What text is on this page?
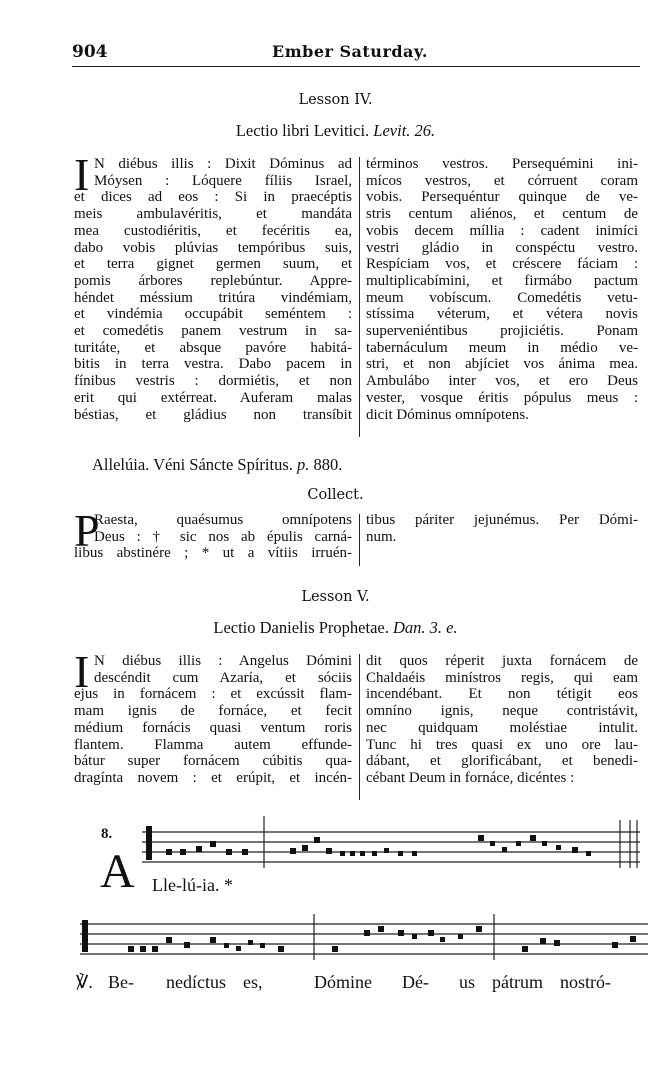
904	Ember Saturday.
Lesson IV.
Lectio libri Levitici. Levit. 26.
I N diébus illis : Dixit Dóminus ad
Móysen : Lóquere fíliis Israel,
et dices ad eos : Si in praecéptis
meis ambulavéritis, et mandáta
mea custodiéritis, et fecéritis ea,
dabo vobis plúvias tempóribus suis,
et terra gignet germen suum, et
pomis árbores replebúntur. Appre-
héndet méssium tritúra vindémiam,
et vindémia occupábit seméntem :
et comedétis panem vestrum in sa-
turitáte, et absque pavóre habitá-
bitis in terra vestra. Dabo pacem in
fínibus vestris : dormiétis, et non
erit qui extérreat. Auferam malas
béstias, et gládius non transíbit
términos vestros. Persequémini ini-
mícos vestros, et córruent coram
vobis. Persequéntur quinque de ve-
stris centum aliénos, et centum de
vobis decem míllia : cadent inimíci
vestri gládio in conspéctu vestro.
Respíciam vos, et créscere fáciam :
multiplicabímini, et firmábo pactum
meum vobíscum. Comedétis vetu-
stíssima véterum, et vétera novis
superveniéntibus projiciétis. Ponam
tabernáculum meum in médio ve-
stri, et non abjíciet vos ánima mea.
Ambulábo inter vos, et ero Deus
vester, vosque éritis pópulus meus :
dicit Dóminus omnípotens.
Allelúia. Véni Sáncte Spíritus. p. 880.
Collect.
P
Raesta, quaésumus omnípotens
Deus : † sic nos ab épulis carná-
libus abstinére ; * ut a vítiis irruén-
tibus páriter jejunémus. Per Dómi-
num.
Lesson V.
Lectio Danielis Prophetae. Dan. 3. e.
I N diébus illis : Angelus Dómini
descéndit cum Azaría, et sóciis
ejus in fornácem : et excússit flam-
mam ignis de fornáce, et fecit
médium fornácis quasi ventum roris
flantem. Flamma autem effunde-
bátur super fornácem cúbitis qua-
dragínta novem : et erúpit, et incén-
dit quos réperit juxta fornácem de
Chaldaéis minístros regis, qui eam
incendébant. Et non tétigit eos
omníno ignis, neque contristávit,
nec quidquam moléstiae intulit.
Tunc hi tres quasi ex uno ore lau-
dábant, et glorificábant, et benedi-
cébant Deum in fornáce, dicéntes :
8.
A Lle-lú-ia. *
℣. Be- nedíctus es,	Dómine Dé- us pátrum nostró-
